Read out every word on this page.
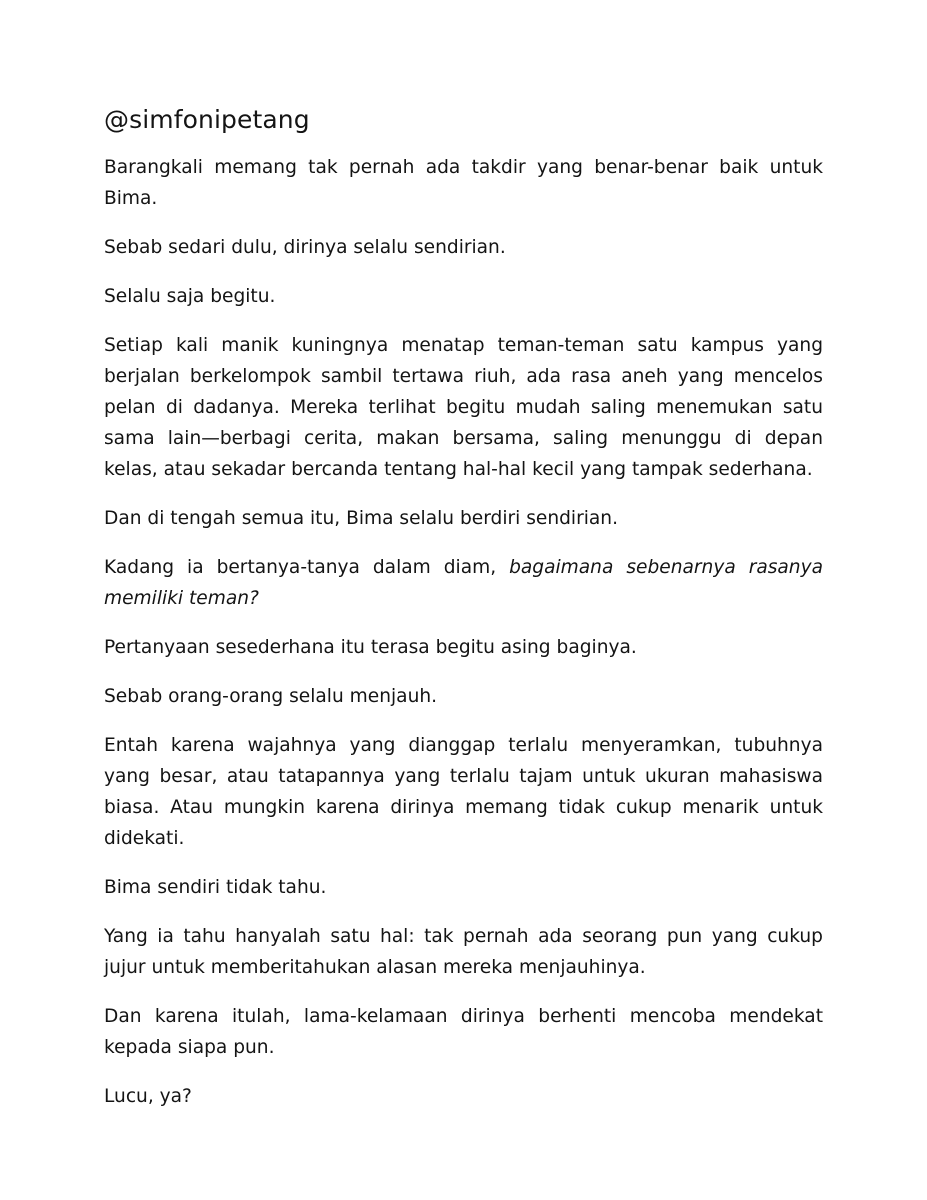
@simfonipetang

Barangkali memang tak pernah ada takdir yang benar-benar baik untuk Bima.

Sebab sedari dulu, dirinya selalu sendirian.

Selalu saja begitu.

Setiap kali manik kuningnya menatap teman-teman satu kampus yang berjalan berkelompok sambil tertawa riuh, ada rasa aneh yang mencelos pelan di dadanya. Mereka terlihat begitu mudah saling menemukan satu sama lain—berbagi cerita, makan bersama, saling menunggu di depan kelas, atau sekadar bercanda tentang hal-hal kecil yang tampak sederhana.

Dan di tengah semua itu, Bima selalu berdiri sendirian.

Kadang ia bertanya-tanya dalam diam, bagaimana sebenarnya rasanya memiliki teman?

Pertanyaan sesederhana itu terasa begitu asing baginya.

Sebab orang-orang selalu menjauh.

Entah karena wajahnya yang dianggap terlalu menyeramkan, tubuhnya yang besar, atau tatapannya yang terlalu tajam untuk ukuran mahasiswa biasa. Atau mungkin karena dirinya memang tidak cukup menarik untuk didekati.

Bima sendiri tidak tahu.

Yang ia tahu hanyalah satu hal: tak pernah ada seorang pun yang cukup jujur untuk memberitahukan alasan mereka menjauhinya.

Dan karena itulah, lama-kelamaan dirinya berhenti mencoba mendekat kepada siapa pun.

Lucu, ya?
